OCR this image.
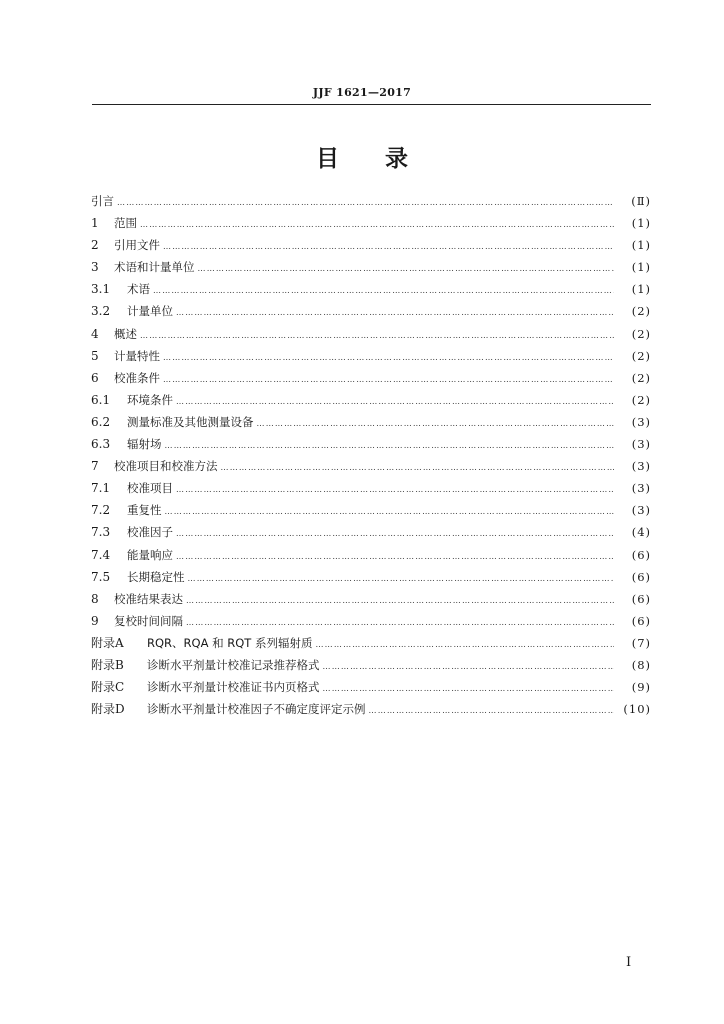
JJF 1621—2017
目录
引言 ………………………………………………………………………………………………………………………………………………………………………………………………………………………………………………	(Ⅱ)
1	范围 ………………………………………………………………………………………………………………………………………………………………………………………………………………………………………………	(1)
2	引用文件 ………………………………………………………………………………………………………………………………………………………………………………………………………………………………………………	(1)
3	术语和计量单位 ………………………………………………………………………………………………………………………………………………………………………………………………………………………………………………	(1)
3.1	术语 ………………………………………………………………………………………………………………………………………………………………………………………………………………………………………………	(1)
3.2	计量单位 ………………………………………………………………………………………………………………………………………………………………………………………………………………………………………………	(2)
4	概述 ………………………………………………………………………………………………………………………………………………………………………………………………………………………………………………	(2)
5	计量特性 ………………………………………………………………………………………………………………………………………………………………………………………………………………………………………………	(2)
6	校准条件 ………………………………………………………………………………………………………………………………………………………………………………………………………………………………………………	(2)
6.1	环境条件 ………………………………………………………………………………………………………………………………………………………………………………………………………………………………………………	(2)
6.2	测量标准及其他测量设备 ………………………………………………………………………………………………………………………………………………………………………………………………………………………………………………	(3)
6.3	辐射场 ………………………………………………………………………………………………………………………………………………………………………………………………………………………………………………	(3)
7	校准项目和校准方法 ………………………………………………………………………………………………………………………………………………………………………………………………………………………………………………	(3)
7.1	校准项目 ………………………………………………………………………………………………………………………………………………………………………………………………………………………………………………	(3)
7.2	重复性 ………………………………………………………………………………………………………………………………………………………………………………………………………………………………………………	(3)
7.3	校准因子 ………………………………………………………………………………………………………………………………………………………………………………………………………………………………………………	(4)
7.4	能量响应 ………………………………………………………………………………………………………………………………………………………………………………………………………………………………………………	(6)
7.5	长期稳定性 ………………………………………………………………………………………………………………………………………………………………………………………………………………………………………………	(6)
8	校准结果表达 ………………………………………………………………………………………………………………………………………………………………………………………………………………………………………………	(6)
9	复校时间间隔 ………………………………………………………………………………………………………………………………………………………………………………………………………………………………………………	(6)
附录A	RQR、RQA 和 RQT 系列辐射质 ………………………………………………………………………………………………………………………………………………………………………………………………………………………………………………	(7)
附录B	诊断水平剂量计校准记录推荐格式 ………………………………………………………………………………………………………………………………………………………………………………………………………………………………………………	(8)
附录C	诊断水平剂量计校准证书内页格式 ………………………………………………………………………………………………………………………………………………………………………………………………………………………………………………	(9)
附录D	诊断水平剂量计校准因子不确定度评定示例 ………………………………………………………………………………………………………………………………………………………………………………………………………………………………………………	(10)
I
